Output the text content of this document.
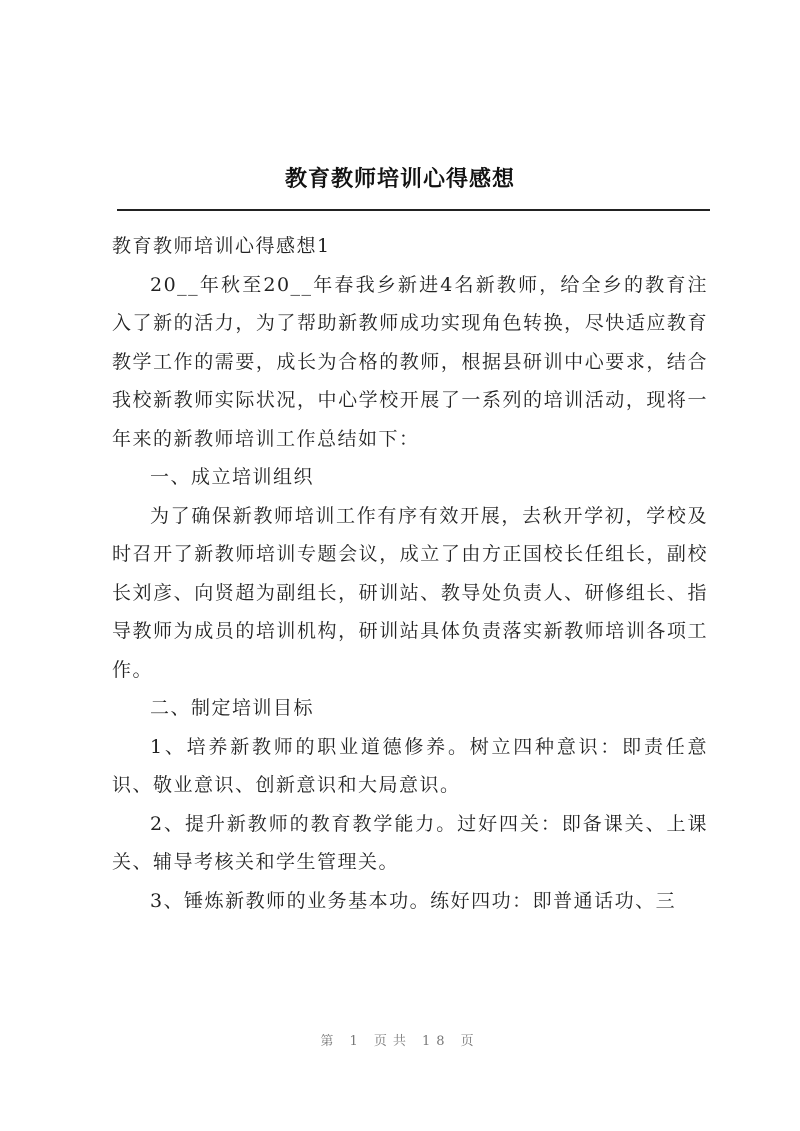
教育教师培训心得感想

教育教师培训心得感想1

20__年秋至20__年春我乡新进4名新教师，给全乡的教育注入了新的活力，为了帮助新教师成功实现角色转换，尽快适应教育教学工作的需要，成长为合格的教师，根据县研训中心要求，结合我校新教师实际状况，中心学校开展了一系列的培训活动，现将一年来的新教师培训工作总结如下：

一、成立培训组织

为了确保新教师培训工作有序有效开展，去秋开学初，学校及时召开了新教师培训专题会议，成立了由方正国校长任组长，副校长刘彦、向贤超为副组长，研训站、教导处负责人、研修组长、指导教师为成员的培训机构，研训站具体负责落实新教师培训各项工作。

二、制定培训目标

1、培养新教师的职业道德修养。树立四种意识：即责任意识、敬业意识、创新意识和大局意识。

2、提升新教师的教育教学能力。过好四关：即备课关、上课关、辅导考核关和学生管理关。

3、锤炼新教师的业务基本功。练好四功：即普通话功、三

第 1 页共 18 页
